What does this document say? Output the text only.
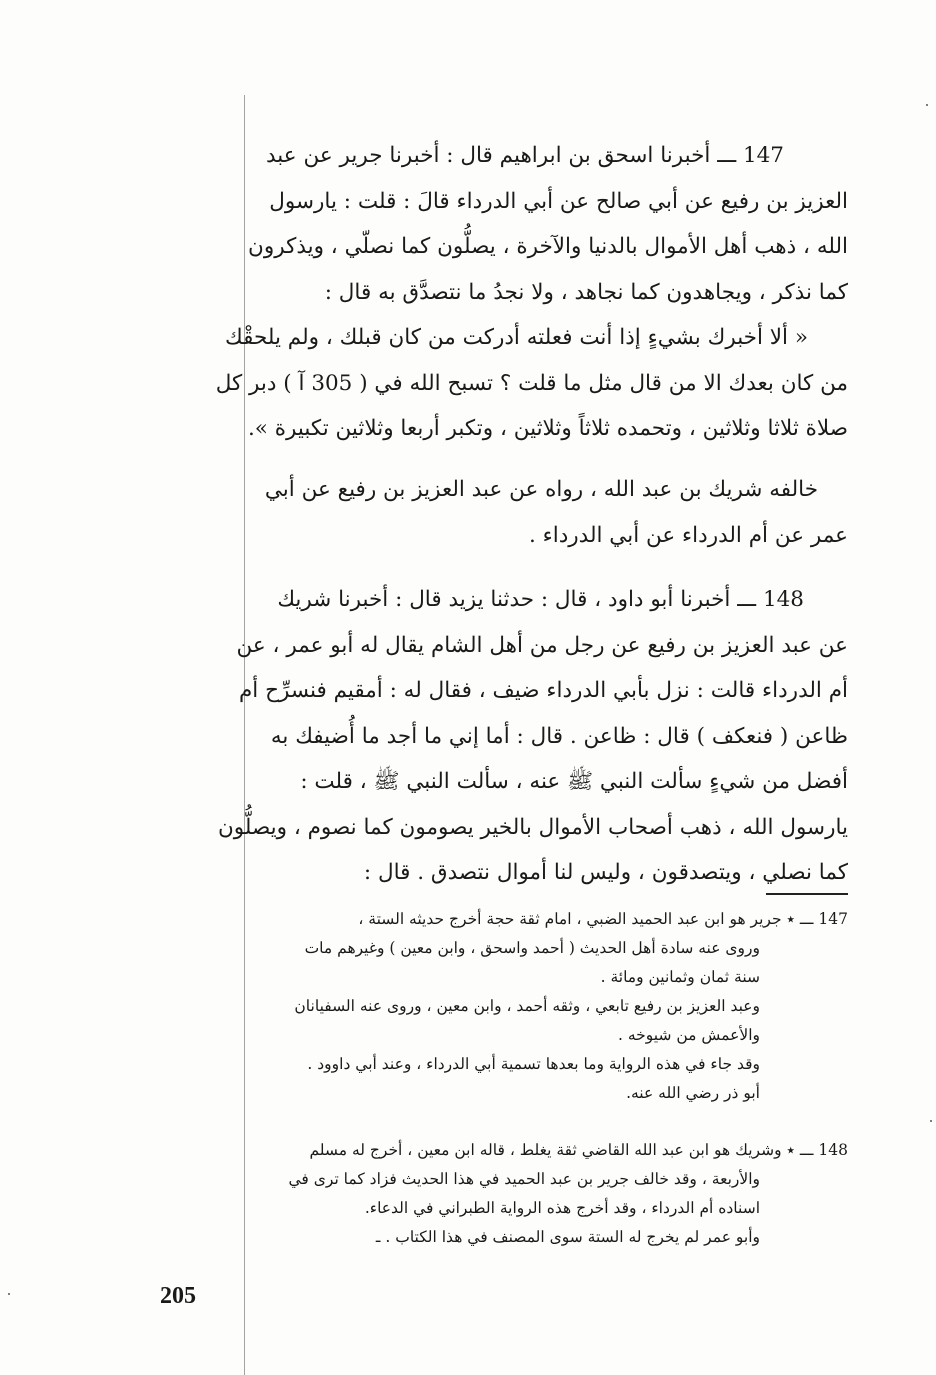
147 ـــ أخبرنا اسحق بن ابراهيم قال : أخبرنا جرير عن عبد

العزيز بن رفيع عن أبي صالح عن أبي الدرداء قالَ : قلت : يارسول

الله ، ذهب أهل الأموال بالدنيا والآخرة ، يصلُّون كما نصلّي ، ويذكرون

كما نذكر ، ويجاهدون كما نجاهد ، ولا نجدُ ما نتصدَّق به قال :

« ألا أخبرك بشيءٍ إذا أنت فعلته أدركت من كان قبلك ، ولم يلحقْك

من كان بعدك الا من قال مثل ما قلت ؟ تسبح الله في ( 305 آ ) دبر كل

صلاة ثلاثا وثلاثين ، وتحمده ثلاثاً وثلاثين ، وتكبر أربعا وثلاثين تكبيرة ».

خالفه شريك بن عبد الله ، رواه عن عبد العزيز بن رفيع عن أبي

عمر عن أم الدرداء عن أبي الدرداء .

148 ـــ أخبرنا أبو داود ، قال : حدثنا يزيد قال : أخبرنا شريك

عن عبد العزيز بن رفيع عن رجل من أهل الشام يقال له أبو عمر ، عن

أم الدرداء قالت : نزل بأبي الدرداء ضيف ، فقال له : أمقيم فنسرِّح أم

ظاعن ( فنعكف ) قال : ظاعن . قال : أما إني ما أجد ما أُضيفك به

أفضل من شيءٍ سألت النبي ﷺ عنه ، سألت النبي ﷺ ، قلت :

يارسول الله ، ذهب أصحاب الأموال بالخير يصومون كما نصوم ، ويصلُّون

كما نصلي ، ويتصدقون ، وليس لنا أموال نتصدق . قال :

147 ـــ ٭ جرير هو ابن عبد الحميد الضبي ، امام ثقة حجة أخرج حديثه الستة ،

وروى عنه سادة أهل الحديث ( أحمد واسحق ، وابن معين ) وغيرهم مات

سنة ثمان وثمانين ومائة .

وعبد العزيز بن رفيع تابعي ، وثقه أحمد ، وابن معين ، وروى عنه السفيانان

والأعمش من شيوخه .

وقد جاء في هذه الرواية وما بعدها تسمية أبي الدرداء ، وعند أبي داوود .

أبو ذر رضي الله عنه.

148 ـــ ٭ وشريك هو ابن عبد الله القاضي ثقة يغلط ، قاله ابن معين ، أخرج له مسلم

والأربعة ، وقد خالف جرير بن عبد الحميد في هذا الحديث فزاد كما ترى في

اسناده أم الدرداء ، وقد أخرج هذه الرواية الطبراني في الدعاء.

وأبو عمر لم يخرج له الستة سوى المصنف في هذا الكتاب . ـ

205
